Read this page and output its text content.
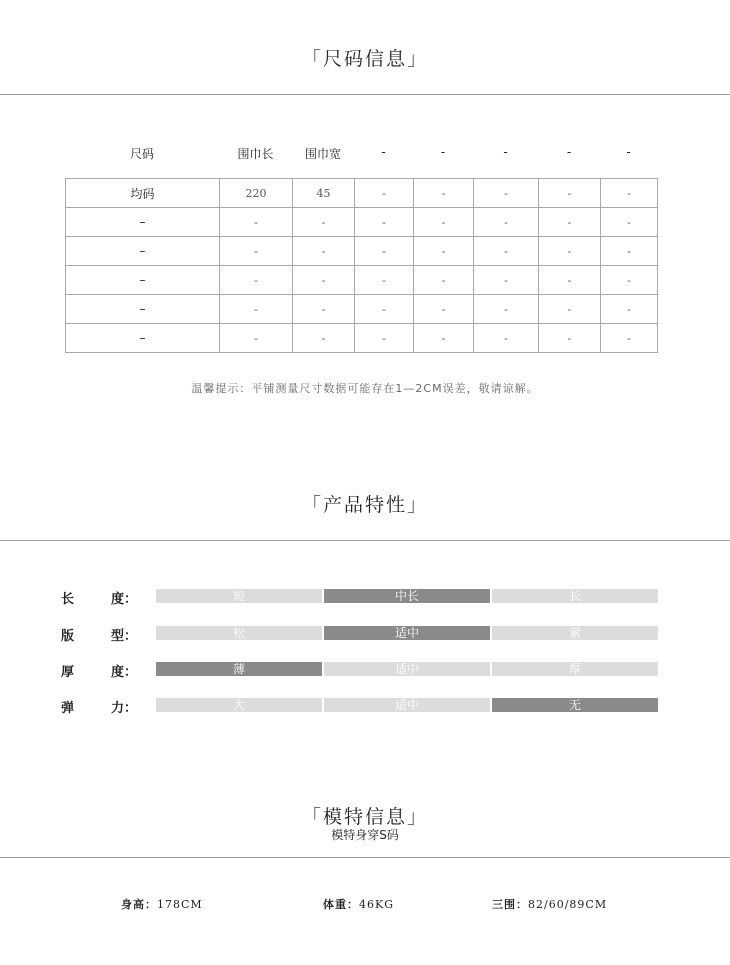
「尺码信息」
尺码	围巾长	围巾宽	-	-	-	-	-
均码	220	45	-	-	-	-	-
–	-	-	-	-	-	-	-
–	-	-	-	-	-	-	-
–	-	-	-	-	-	-	-
–	-	-	-	-	-	-	-
–	-	-	-	-	-	-	-
温馨提示：平铺测量尺寸数据可能存在1—2CM误差，敬请谅解。
「产品特性」
长	度：	短	中长	长
版	型：	松	适中	紧
厚	度：	薄	适中	厚
弹	力：	大	适中	无
「模特信息」
模特身穿S码
身高：178CM	体重：46KG	三围：82/60/89CM
